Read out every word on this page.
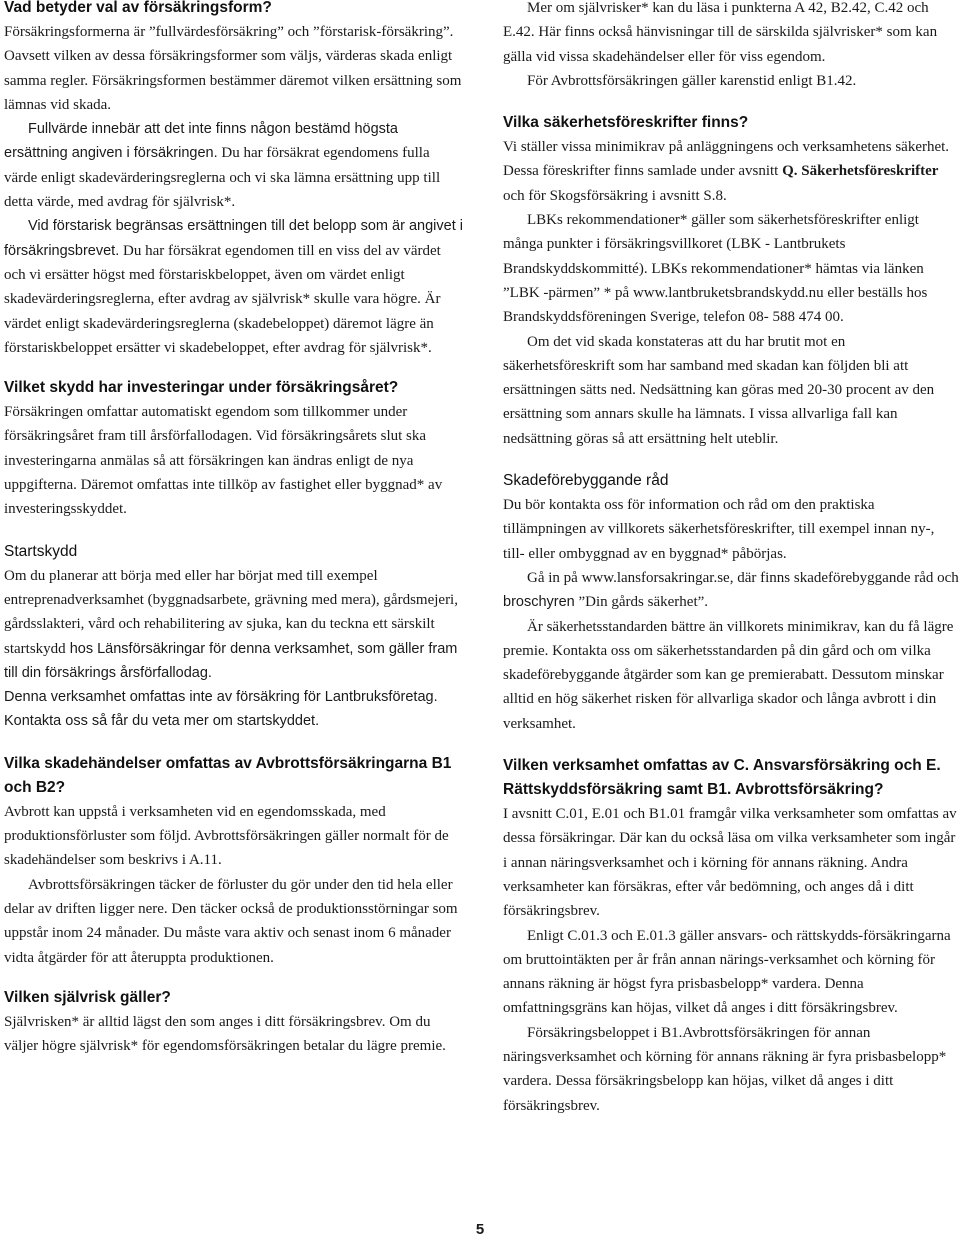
Vad betyder val av försäkringsform?

Försäkringsformerna är ”fullvärdesförsäkring” och ”förstarisk-försäkring”. Oavsett vilken av dessa försäkringsformer som väljs, värderas skada enligt samma regler. Försäkringsformen bestämmer däremot vilken ersättning som lämnas vid skada.

Fullvärde innebär att det inte finns någon bestämd högsta ersättning angiven i försäkringen. Du har försäkrat egendomens fulla värde enligt skadevärderingsreglerna och vi ska lämna ersättning upp till detta värde, med avdrag för självrisk*.

Vid förstarisk begränsas ersättningen till det belopp som är angivet i försäkringsbrevet. Du har försäkrat egendomen till en viss del av värdet och vi ersätter högst med förstariskbeloppet, även om värdet enligt skadevärderingsreglerna, efter avdrag av självrisk* skulle vara högre. Är värdet enligt skadevärderingsreglerna (skadebeloppet) däremot lägre än förstariskbeloppet ersätter vi skadebeloppet, efter avdrag för självrisk*.

Vilket skydd har investeringar under försäkringsåret?

Försäkringen omfattar automatiskt egendom som tillkommer under försäkringsåret fram till årsförfallodagen. Vid försäkringsårets slut ska investeringarna anmälas så att försäkringen kan ändras enligt de nya uppgifterna. Däremot omfattas inte tillköp av fastighet eller byggnad* av investeringsskyddet.

Startskydd

Om du planerar att börja med eller har börjat med till exempel entreprenadverksamhet (byggnadsarbete, grävning med mera), gårdsmejeri, gårdsslakteri, vård och rehabilitering av sjuka, kan du teckna ett särskilt startskydd hos Länsförsäkringar för denna verksamhet, som gäller fram till din försäkrings årsförfallodag.

Denna verksamhet omfattas inte av försäkring för Lantbruksföretag.

Kontakta oss så får du veta mer om startskyddet.

Vilka skadehändelser omfattas av Avbrottsförsäkringarna B1 och B2?

Avbrott kan uppstå i verksamheten vid en egendomsskada, med produktionsförluster som följd. Avbrottsförsäkringen gäller normalt för de skadehändelser som beskrivs i A.11.

Avbrottsförsäkringen täcker de förluster du gör under den tid hela eller delar av driften ligger nere. Den täcker också de produktionsstörningar som uppstår inom 24 månader. Du måste vara aktiv och senast inom 6 månader vidta åtgärder för att återuppta produktionen.

Vilken självrisk gäller?

Självrisken* är alltid lägst den som anges i ditt försäkringsbrev. Om du väljer högre självrisk* för egendomsförsäkringen betalar du lägre premie.

Mer om självrisker* kan du läsa i punkterna A 42, B2.42, C.42 och E.42. Här finns också hänvisningar till de särskilda självrisker* som kan gälla vid vissa skadehändelser eller för viss egendom.

För Avbrottsförsäkringen gäller karenstid enligt B1.42.

Vilka säkerhetsföreskrifter finns?

Vi ställer vissa minimikrav på anläggningens och verksamhetens säkerhet. Dessa föreskrifter finns samlade under avsnitt Q. Säkerhetsföreskrifter och för Skogsförsäkring i avsnitt S.8.

LBKs rekommendationer* gäller som säkerhetsföreskrifter enligt många punkter i försäkringsvillkoret (LBK - Lantbrukets Brandskyddskommitté). LBKs rekommendationer* hämtas via länken ”LBK -pärmen” * på www.lantbruketsbrandskydd.nu eller beställs hos Brandskyddsföreningen Sverige, telefon 08- 588 474 00.

Om det vid skada konstateras att du har brutit mot en säkerhetsföreskrift som har samband med skadan kan följden bli att ersättningen sätts ned. Nedsättning kan göras med 20-30 procent av den ersättning som annars skulle ha lämnats. I vissa allvarliga fall kan nedsättning göras så att ersättning helt uteblir.

Skadeförebyggande råd

Du bör kontakta oss för information och råd om den praktiska tillämpningen av villkorets säkerhetsföreskrifter, till exempel innan ny-, till- eller ombyggnad av en byggnad* påbörjas.

Gå in på www.lansforsakringar.se, där finns skadeförebyggande råd och broschyren ”Din gårds säkerhet”.

Är säkerhetsstandarden bättre än villkorets minimikrav, kan du få lägre premie. Kontakta oss om säkerhetsstandarden på din gård och om vilka skadeförebyggande åtgärder som kan ge premierabatt. Dessutom minskar alltid en hög säkerhet risken för allvarliga skador och långa avbrott i din verksamhet.

Vilken verksamhet omfattas av C. Ansvarsförsäkring och E. Rättskyddsförsäkring samt B1. Avbrottsförsäkring?

I avsnitt C.01, E.01 och B1.01 framgår vilka verksamheter som omfattas av dessa försäkringar. Där kan du också läsa om vilka verksamheter som ingår i annan näringsverksamhet och i körning för annans räkning. Andra verksamheter kan försäkras, efter vår bedömning, och anges då i ditt försäkringsbrev.

Enligt C.01.3 och E.01.3 gäller ansvars- och rättskydds-försäkringarna om bruttointäkten per år från annan närings-verksamhet och körning för annans räkning är högst fyra prisbasbelopp* vardera. Denna omfattningsgräns kan höjas, vilket då anges i ditt försäkringsbrev.

Försäkringsbeloppet i B1.Avbrottsförsäkringen för annan näringsverksamhet och körning för annans räkning är fyra prisbasbelopp* vardera. Dessa försäkringsbelopp kan höjas, vilket då anges i ditt försäkringsbrev.

5
